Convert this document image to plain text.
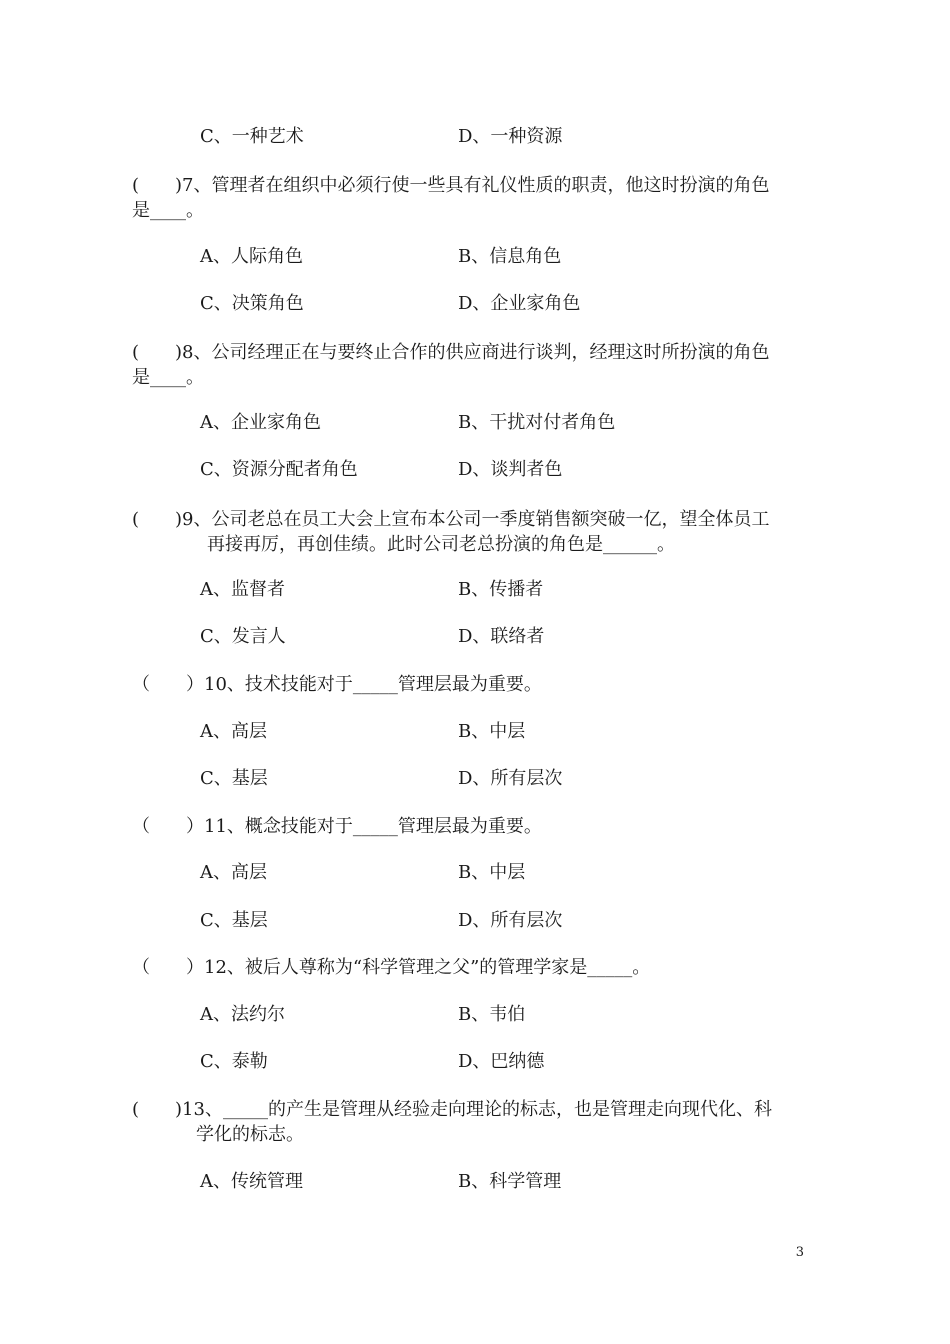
C、一种艺术	D、一种资源
(　　)7、管理者在组织中必须行使一些具有礼仪性质的职责，他这时扮演的角色
是____。
A、人际角色	B、信息角色
C、决策角色	D、企业家角色
(　　)8、公司经理正在与要终止合作的供应商进行谈判，经理这时所扮演的角色
是____。
A、企业家角色	B、干扰对付者角色
C、资源分配者角色	D、谈判者色
(　　)9、公司老总在员工大会上宣布本公司一季度销售额突破一亿，望全体员工
再接再厉，再创佳绩。此时公司老总扮演的角色是______。
A、监督者	B、传播者
C、发言人	D、联络者
（　　）10、技术技能对于_____管理层最为重要。
A、高层	B、中层
C、基层	D、所有层次
（　　）11、概念技能对于_____管理层最为重要。
A、高层	B、中层
C、基层	D、所有层次
（　　）12、被后人尊称为“科学管理之父”的管理学家是_____。
A、法约尔	B、韦伯
C、泰勒	D、巴纳德
(　　)13、_____的产生是管理从经验走向理论的标志，也是管理走向现代化、科
学化的标志。
A、传统管理	B、科学管理
3
